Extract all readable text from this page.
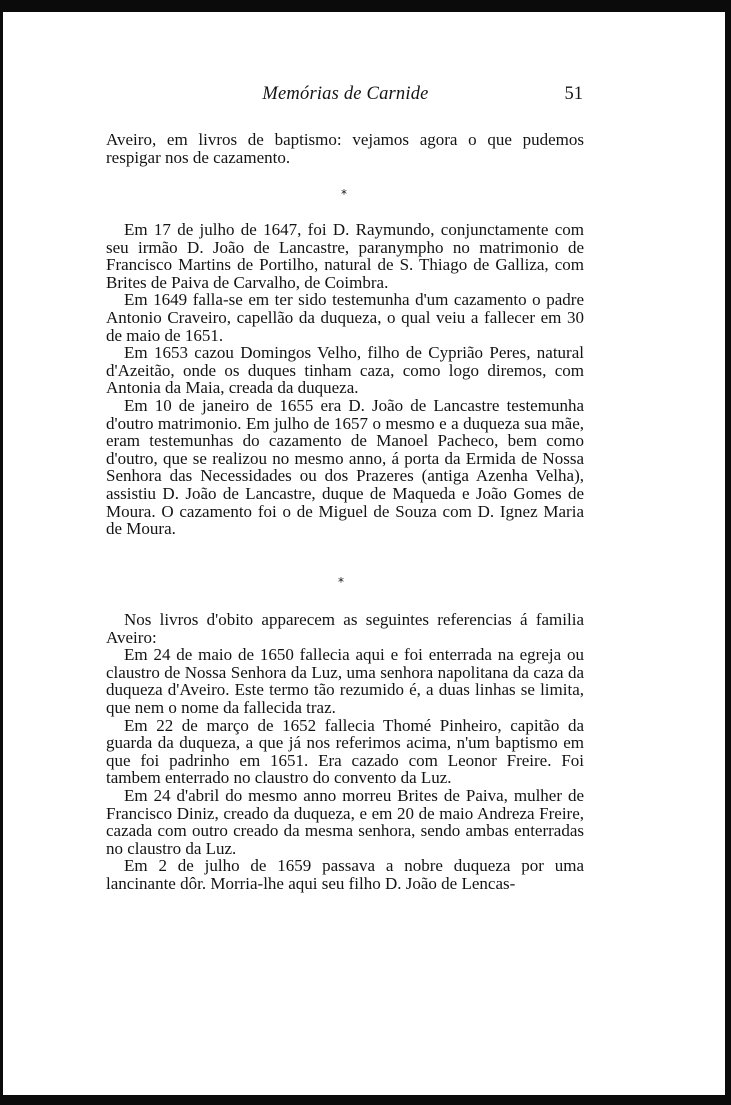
Memórias de Carnide	51

Aveiro, em livros de baptismo: vejamos agora o que pudemos respigar nos de cazamento.

*

Em 17 de julho de 1647, foi D. Raymundo, conjunctamente com seu irmão D. João de Lancastre, paranympho no matrimonio de Francisco Martins de Portilho, natural de S. Thiago de Galliza, com Brites de Paiva de Carvalho, de Coimbra.

Em 1649 falla-se em ter sido testemunha d'um cazamento o padre Antonio Craveiro, capellão da duqueza, o qual veiu a fallecer em 30 de maio de 1651.

Em 1653 cazou Domingos Velho, filho de Cyprião Peres, natural d'Azeitão, onde os duques tinham caza, como logo diremos, com Antonia da Maia, creada da duqueza.

Em 10 de janeiro de 1655 era D. João de Lancastre testemunha d'outro matrimonio. Em julho de 1657 o mesmo e a duqueza sua mãe, eram testemunhas do cazamento de Manoel Pacheco, bem como d'outro, que se realizou no mesmo anno, á porta da Ermida de Nossa Senhora das Necessidades ou dos Prazeres (antiga Azenha Velha), assistiu D. João de Lancastre, duque de Maqueda e João Gomes de Moura. O cazamento foi o de Miguel de Souza com D. Ignez Maria de Moura.

*

Nos livros d'obito apparecem as seguintes referencias á familia Aveiro:

Em 24 de maio de 1650 fallecia aqui e foi enterrada na egreja ou claustro de Nossa Senhora da Luz, uma senhora napolitana da caza da duqueza d'Aveiro. Este termo tão rezumido é, a duas linhas se limita, que nem o nome da fallecida traz.

Em 22 de março de 1652 fallecia Thomé Pinheiro, capitão da guarda da duqueza, a que já nos referimos acima, n'um baptismo em que foi padrinho em 1651. Era cazado com Leonor Freire. Foi tambem enterrado no claustro do convento da Luz.

Em 24 d'abril do mesmo anno morreu Brites de Paiva, mulher de Francisco Diniz, creado da duqueza, e em 20 de maio Andreza Freire, cazada com outro creado da mesma senhora, sendo ambas enterradas no claustro da Luz.

Em 2 de julho de 1659 passava a nobre duqueza por uma lancinante dôr. Morria-lhe aqui seu filho D. João de Lencas-
